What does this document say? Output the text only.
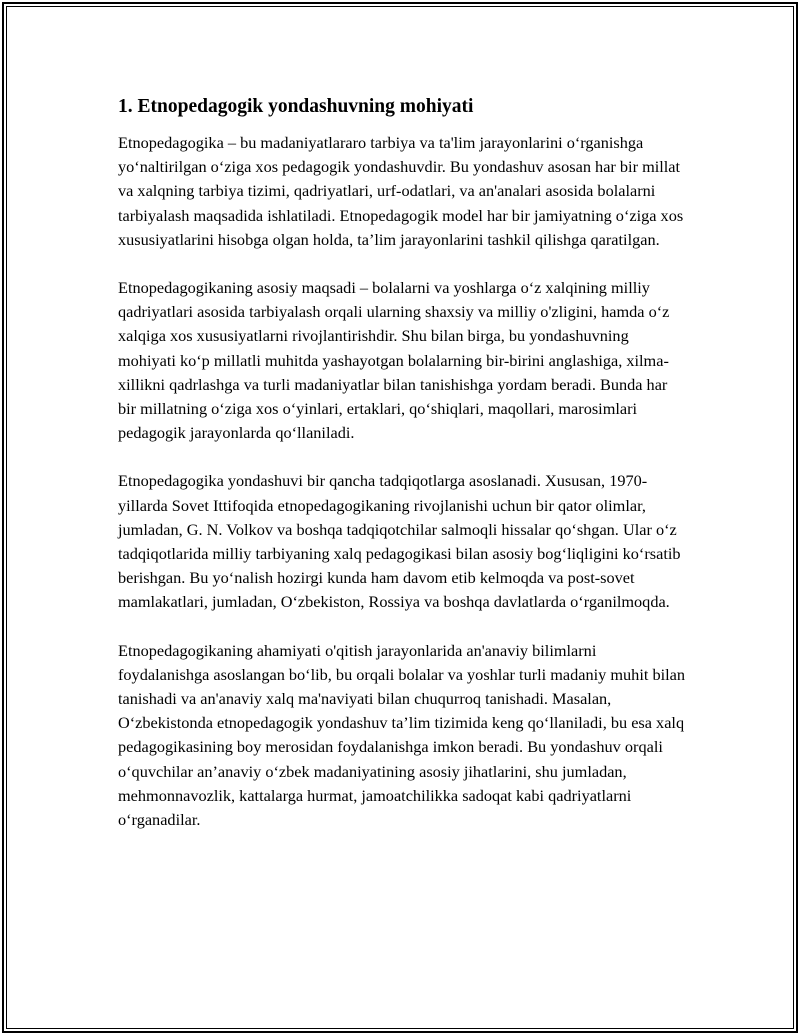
1. Etnopedagogik yondashuvning mohiyati

Etnopedagogika – bu madaniyatlararo tarbiya va ta'lim jarayonlarini o‘rganishga yo‘naltirilgan o‘ziga xos pedagogik yondashuvdir. Bu yondashuv asosan har bir millat va xalqning tarbiya tizimi, qadriyatlari, urf-odatlari, va an'analari asosida bolalarni tarbiyalash maqsadida ishlatiladi. Etnopedagogik model har bir jamiyatning o‘ziga xos xususiyatlarini hisobga olgan holda, ta’lim jarayonlarini tashkil qilishga qaratilgan.

Etnopedagogikaning asosiy maqsadi – bolalarni va yoshlarga o‘z xalqining milliy qadriyatlari asosida tarbiyalash orqali ularning shaxsiy va milliy o'zligini, hamda o‘z xalqiga xos xususiyatlarni rivojlantirishdir. Shu bilan birga, bu yondashuvning mohiyati ko‘p millatli muhitda yashayotgan bolalarning bir-birini anglashiga, xilma-xillikni qadrlashga va turli madaniyatlar bilan tanishishga yordam beradi. Bunda har bir millatning o‘ziga xos o‘yinlari, ertaklari, qo‘shiqlari, maqollari, marosimlari pedagogik jarayonlarda qo‘llaniladi.

Etnopedagogika yondashuvi bir qancha tadqiqotlarga asoslanadi. Xususan, 1970-yillarda Sovet Ittifoqida etnopedagogikaning rivojlanishi uchun bir qator olimlar, jumladan, G. N. Volkov va boshqa tadqiqotchilar salmoqli hissalar qo‘shgan. Ular o‘z tadqiqotlarida milliy tarbiyaning xalq pedagogikasi bilan asosiy bog‘liqligini ko‘rsatib berishgan. Bu yo‘nalish hozirgi kunda ham davom etib kelmoqda va post-sovet mamlakatlari, jumladan, O‘zbekiston, Rossiya va boshqa davlatlarda o‘rganilmoqda.

Etnopedagogikaning ahamiyati o'qitish jarayonlarida an'anaviy bilimlarni foydalanishga asoslangan bo‘lib, bu orqali bolalar va yoshlar turli madaniy muhit bilan tanishadi va an'anaviy xalq ma'naviyati bilan chuqurroq tanishadi. Masalan, O‘zbekistonda etnopedagogik yondashuv ta’lim tizimida keng qo‘llaniladi, bu esa xalq pedagogikasining boy merosidan foydalanishga imkon beradi. Bu yondashuv orqali o‘quvchilar an’anaviy o‘zbek madaniyatining asosiy jihatlarini, shu jumladan, mehmonnavozlik, kattalarga hurmat, jamoatchilikka sadoqat kabi qadriyatlarni o‘rganadilar.
